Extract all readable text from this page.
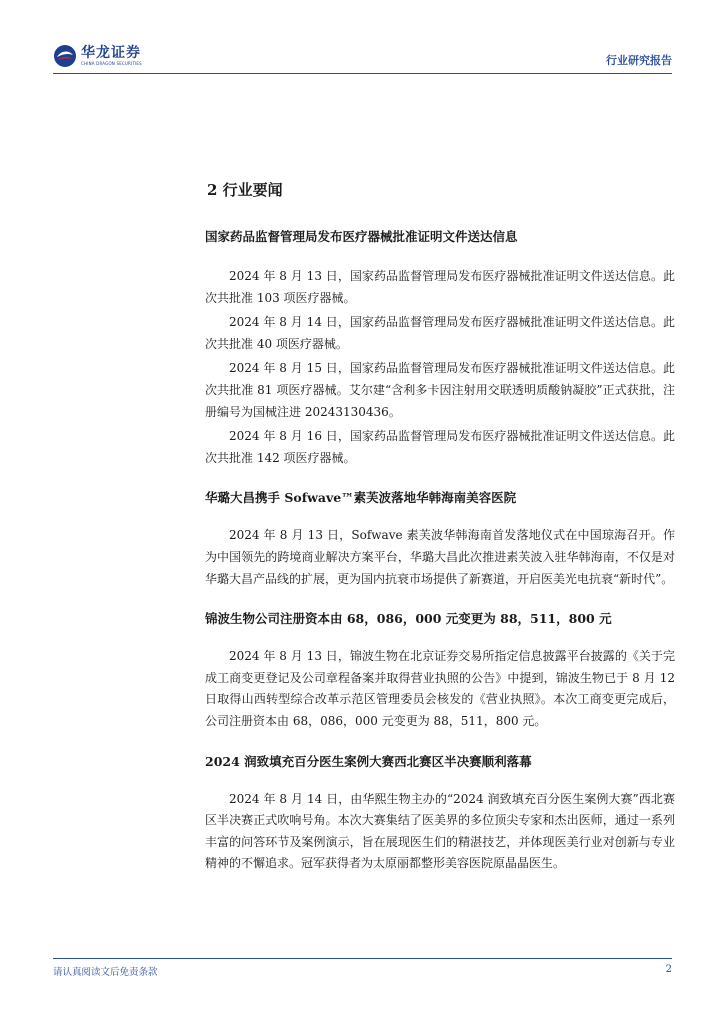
华龙证券
CHINA DRAGON SECURITIES	行业研究报告
2 行业要闻
国家药品监督管理局发布医疗器械批准证明文件送达信息

2024 年 8 月 13 日，国家药品监督管理局发布医疗器械批准证明文件送达信息。此次共批准 103 项医疗器械。

2024 年 8 月 14 日，国家药品监督管理局发布医疗器械批准证明文件送达信息。此次共批准 40 项医疗器械。

2024 年 8 月 15 日，国家药品监督管理局发布医疗器械批准证明文件送达信息。此次共批准 81 项医疗器械。艾尔建“含利多卡因注射用交联透明质酸钠凝胶”正式获批，注册编号为国械注进 20243130436。

2024 年 8 月 16 日，国家药品监督管理局发布医疗器械批准证明文件送达信息。此次共批准 142 项医疗器械。

华璐大昌携手 Sofwave™素芙波落地华韩海南美容医院

2024 年 8 月 13 日，Sofwave 素芙波华韩海南首发落地仪式在中国琼海召开。作为中国领先的跨境商业解决方案平台，华璐大昌此次推进素芙波入驻华韩海南，不仅是对华璐大昌产品线的扩展，更为国内抗衰市场提供了新赛道，开启医美光电抗衰“新时代”。

锦波生物公司注册资本由 68，086，000 元变更为 88，511，800 元

2024 年 8 月 13 日，锦波生物在北京证券交易所指定信息披露平台披露的《关于完成工商变更登记及公司章程备案并取得营业执照的公告》中提到，锦波生物已于 8 月 12 日取得山西转型综合改革示范区管理委员会核发的《营业执照》。本次工商变更完成后，公司注册资本由 68，086，000 元变更为 88，511，800 元。

2024 润致填充百分医生案例大赛西北赛区半决赛顺利落幕

2024 年 8 月 14 日，由华熙生物主办的“2024 润致填充百分医生案例大赛”西北赛区半决赛正式吹响号角。本次大赛集结了医美界的多位顶尖专家和杰出医师，通过一系列丰富的问答环节及案例演示，旨在展现医生们的精湛技艺，并体现医美行业对创新与专业精神的不懈追求。冠军获得者为太原丽都整形美容医院原晶晶医生。

请认真阅读文后免责条款	2
